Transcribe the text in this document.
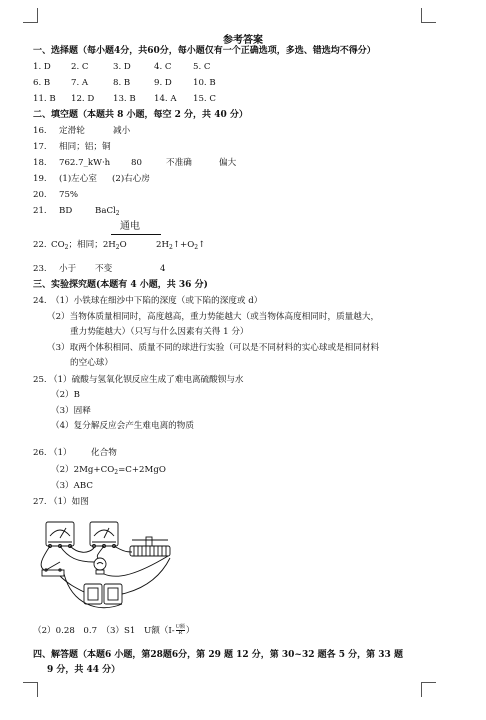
参考答案
一、选择题（每小题4分，共60分，每小题仅有一个正确选项，多选、错选均不得分）
1. D 2. C	3. D	4. C 5. C
6. B 7. A	8. B	9. D 10. B
11. B 12. D 13. B 14. A 15. C
二、填空题（本题共 8 小题，每空 2 分，共 40 分）
16. 定滑轮	减小
17. 相同；铝；铜
18. 762.7_kW·h 80	不准确	偏大
19. (1)左心室 (2)右心房
20. 75%
21. BD	BaCl$_2$
通电
22. $CO_2$；相同；$2H_2O$	$2H_2↑+O_2↑$
23. 小于 不变	4
三、实验探究题(本题有 4 小题，共 36 分)
24. （1）小铁球在细沙中下陷的深度（或下陷的深度或 d）
（2）当物体质量相同时，高度越高，重力势能越大（或当物体高度相同时，质量越大，
重力势能越大）（只写与什么因素有关得 1 分）
（3）取两个体积相同、质量不同的球进行实验（可以是不同材料的实心球或是相同材料
的空心球）
25. （1）硫酸与氢氧化钡反应生成了难电离硫酸钡与水
（2）B
（3）固释
（4）复分解反应会产生难电离的物质
26. （1） 化合物
$(2)2Mg+CO_2=C+2MgO$
（3）ABC
27. （1）如图
（2）0.28　0.7　（3）S1　U额（I- U额
R ）
四、解答题（本题6 小题，第28题6分，第 29 题 12 分，第 30~32 题各 5 分，第 33 题
9 分，共 44 分）
